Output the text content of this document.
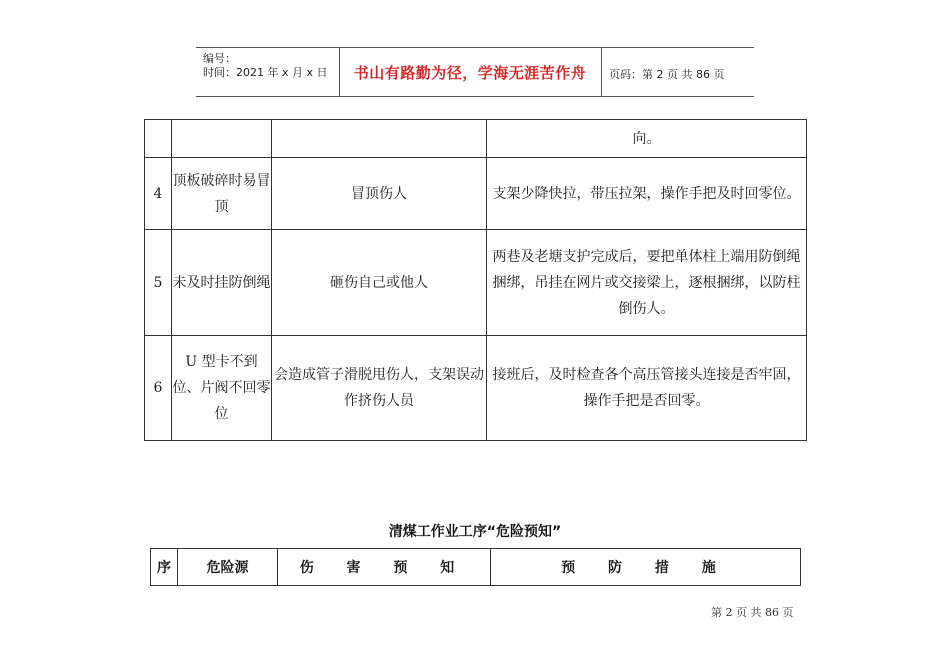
编号：
时间：2021 年 x 月 x 日	书山有路勤为径，学海无涯苦作舟	页码：第 2 页 共 86 页
			向。
4	顶板破碎时易冒顶	冒顶伤人	支架少降快拉，带压拉架，操作手把及时回零位。
5	未及时挂防倒绳	砸伤自己或他人	两巷及老塘支护完成后，要把单体柱上端用防倒绳捆绑，吊挂在网片或交接梁上，逐根捆绑，以防柱倒伤人。
6	U 型卡不到位、片阀不回零位	会造成管子滑脱甩伤人，支架误动作挤伤人员	接班后，及时检查各个高压管接头连接是否牢固，操作手把是否回零。
清煤工作业工序“危险预知”
序	危险源	伤 害 预 知	预 防 措 施
第 2 页 共 86 页
